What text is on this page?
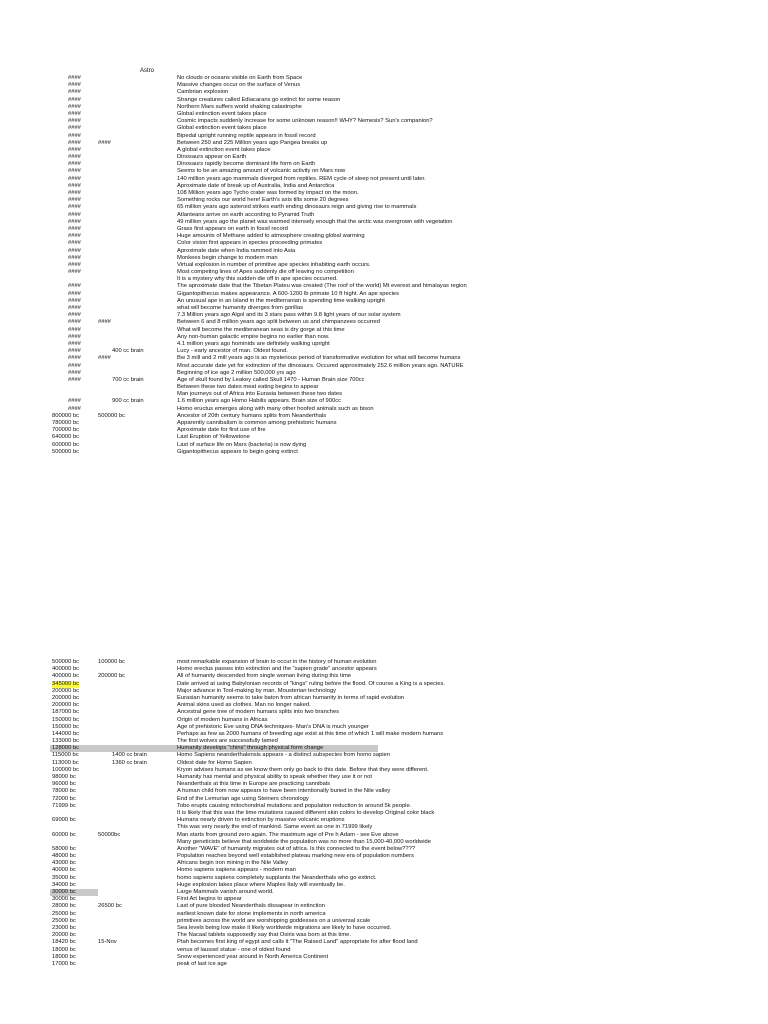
Astro
####	No clouds or oceans visible on Earth from Space
####	Massive changes occur on the surface of Venus
####	Cambrian explosion
####	Strange creatures called Ediacarans go extinct for some reason
####	Northern Mars suffers world shaking catastrophe
####	Global extinction event takes place
####	Cosmic impacts suddenly increase for some unknown reason!! WHY? Nemesis? Sun's companion?
####	Global extinction event takes place
####	Bipedal upright running reptile appears in fossil record
####	####	Between 250 and 225 Million years ago Pangea breaks up
####	A global extinction event takes place
####	Dinosaurs appear on Earth
####	Dinosaurs rapidly become dominant life form on Earth
####	Seems to be an amazing amount of volcanic activity on Mars now
####	140 million years ago mammals diverged from reptiles. REM cycle of sleep not present until later.
####	Aproximate date of break up of Australia, India and Antarctica
####	108 Million years ago Tycho crater was formed by impact on the moon.
####	Something rocks our world here! Earth's axis tilts some 20 degrees
####	65 million years ago asteroid strikes earth ending dinosaurs reign and giving rise to mammals
####	Atlanteans arrive on earth according to Pyramid Truth
####	49 million years ago the planet was warmed intensely enough that the arctic was overgrown with vegetation
####	Grass first appears on earth in fossil record
####	Huge amounts of Methane added to atmosphere creating global warming
####	Color vision first appears in species proceeding primates
####	Aproximate date when India rammed into Asia
####	Monkees begin change to modern man
####	Virtual explosion in number of primitive ape species inhabiting earth occurs.
####	Most competing lines of Apes suddenly die off leaving no competition
It is a mystery why this sudden die off in ape species occurred.
####	The aproximate date that the Tibetan Plateu was created (The roof of the world) Mt everest and himalayas region
####	Gigantopithecus makes appearance. A 600-1200 lb primate 10 ft hight. An ape species
####	An unusual ape in an island in the mediterranian is spending time walking upright
####	what will become humanity diverges from gorillas
####	7.3 Million years ago Algol and its 3 stars pass within 9.8 light years of our solar system
####	####	Between 6 and 8 million years ago split between us and chimpanzees occurred
####	What will become the mediteranean seas is dry gorge at this time
####	Any non-human galactic empire begins no earlier than now.
####	4.1 million years ago hominids are definitely walking upright
####	400 cc brain	Lucy - early ancestor of man. Oldest found.
####	####	Bw 3 mill and 2 mill years ago is as mysterious period of transformative evolution for what will become humans
####	Most accurate date yet for extinction of the dinosaurs. Occured approximately 252.6 million years ago. NATURE
####	Beginning of ice age 2 million 500,000 yrs ago
####	700 cc brain	Age of skull found by Leakey called Skull 1470 - Human Brain size 700cc
Between these two dates meat eating begins to appear
Man journeys out of Africa into Eurasia between these two dates
####	900 cc brain	1.6 million years ago Homo Habilis appears. Brain size of 900cc
####	Homo eructus emerges along with many other hoofed animals such as bison
800000 bc	500000 bc	Ancestor of 20th century humans splits from Neanderthals
780000 bc	Apparently cannibalism is common among prehistoric humans
700000 bc	Aproximate date for first use of fire
640000 bc	Last Eruption of Yellowstone
600000 bc	Last of surface life on Mars (bacteria) is now dying
500000 bc	Gigantopithecus appears to begin going extinct
500000 bc	100000 bc	most remarkable expansion of brain to occur in the history of human evolution
400000 bc	Homo erectus passes into extinction and the "sapien grade" ancestor appears
400000 bc	200000 bc	All of humanity descended from single woman living during this time
345000 bc	Date arrived at using Babylonian records of "kings" ruling before the flood. Of course a King is a species.
200000 bc	Major advance in Tool-making by man. Mousterian technology
200000 bc	Eurasian humanity seems to take baton from african humanity in terms of rapid evolution
200000 bc	Animal skins used as clothes. Man no longer naked.
187000 bc	Ancestral gene tree of modern humans splits into two branches
150000 bc	Origin of modern humans in Africas
150000 bc	Age of prehistoric Eve using DNA techniques- Man's DNA is much younger
144000 bc	Perhaps as few as 2000 humans of breeding age exist at this time of which 1 will make modern humans
133000 bc	The first wolves are successfully tamed
128000 bc	Humanity develops "chins" through physical form change
115000 bc	1400 cc brain	Homo Sapiens neanderthalensis appears - a distinct subspecies from homo sapien
113000 bc	1360 cc brain	Oldest date for Homo Sapien
100000 bc	Kryon advises humans as we know them only go back to this date. Before that they were different.
98000 bc	Humanity has mental and physical ability to speak whether they use it or not
96000 bc	Neanderthals at this time in Europe are practicing cannibals
78000 bc	A human child from now appears to have been intentionally buried in the Nile valley
72000 bc	End of the Lemurian age using Steiners chronology
71999 bc	Tobo erupts causing mitochondrial mutations and population reduction to around 5k people.
It is likely that this was the time mutations caused different skin colors to develop Original color black
69000 bc	Humans nearly driven to extinction by massive volcanic eruptions
This was very nearly the end of mankind. Same event as one in 71999 likely
60000 bc	50000bc	Man starts from ground zero again. The maximum age of Pre h Adam - see Eve above
Many geneticists believe that worldwide the population was no more than 15,000-40,000 worldwide
58000 bc	Another "WAVE" of humanity migrates out of africa. Is this connected to the event below????
48000 bc	Population reaches beyond well established plateau marking new era of population numbers
43000 bc	Africans begin iron mining in the Nile Valley
40000 bc	Homo sapiens sapiens appears - modern man
35000 bc	homo sapiens sapiens completely supplants the Neanderthals who go extinct.
34000 bc	Huge explosion takes place where Maples Italy will eventually be.
30000 bc	Large Mammals vanish around world.
30000 bc	First Art begins to appear
28000 bc	26500 bc	Last of pure blooded Neanderthals dissapear in extinction
25000 bc	earliest known date for stone implements in north america
25000 bc	primitives across the world are worshipping goddesses on a universal scale
23000 bc	Sea levels being low make it likely worldwide migrations are likely to have occurred.
20000 bc	The Nacaal tablets supposedly say that Osiris was born at this time.
18420 bc	15-Nov	Ptah becomes first king of egypt and calls it "The Raised Land" appropriate for after flood land
18000 bc	venus of laussel statue - one of oldest found
18000 bc	Snow experienced year around in North America Continent
17000 bc	peak of last ice age
